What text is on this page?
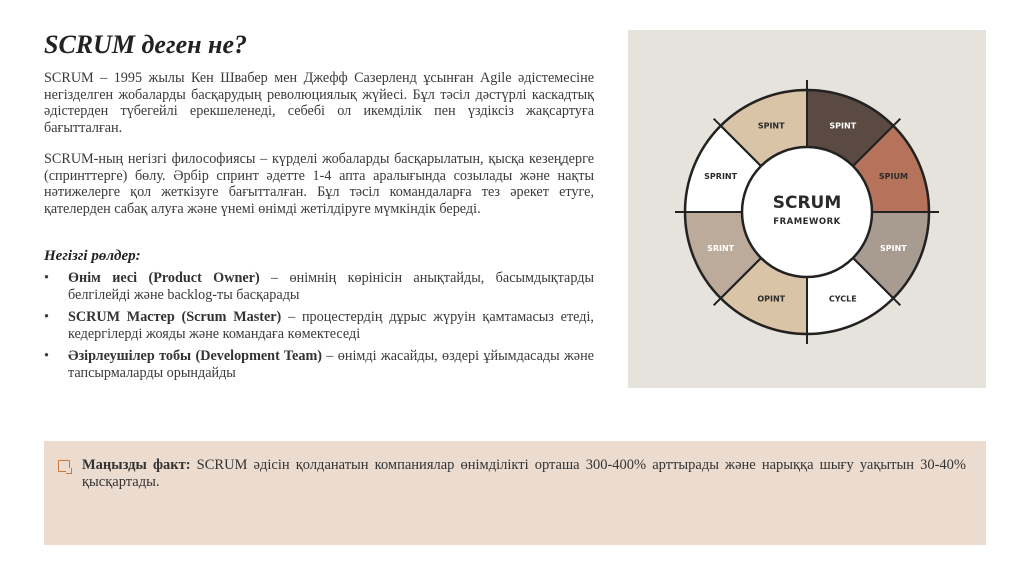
SCRUM деген не?

SCRUM – 1995 жылы Кен Швабер мен Джефф Сазерленд ұсынған Agile әдістемесіне негізделген жобаларды басқарудың революциялық жүйесі. Бұл тәсіл дәстүрлі каскадтық әдістерден түбегейлі ерекшеленеді, себебі ол икемділік пен үздіксіз жақсартуға бағытталған.

SCRUM-ның негізгі философиясы – күрделі жобаларды басқарылатын, қысқа кезеңдерге (спринттерге) бөлу. Әрбір спринт әдетте 1-4 апта аралығында созылады және нақты нәтижелерге қол жеткізуге бағытталған. Бұл тәсіл командаларға тез әрекет етуге, қателерден сабақ алуға және үнемі өнімді жетілдіруге мүмкіндік береді.

Негізгі рөлдер:
• Өнім иесі (Product Owner) – өнімнің көрінісін анықтайды, басымдықтарды белгілейді және backlog-ты басқарады
• SCRUM Мастер (Scrum Master) – процестердің дұрыс жүруін қамтамасыз етеді, кедергілерді жояды және командаға көмектеседі
• Әзірлеушілер тобы (Development Team) – өнімді жасайды, өздері ұйымдасады және тапсырмаларды орындайды
SPINT
SPIUM
SPINT
CYCLE
OPINT
SRINT
SPRINT
SPINT
SCRUM
FRAMEWORK

Маңызды факт: SCRUM әдісін қолданатын компаниялар өнімділікті орташа 300-400% арттырады және нарыққа шығу уақытын 30-40% қысқартады.
